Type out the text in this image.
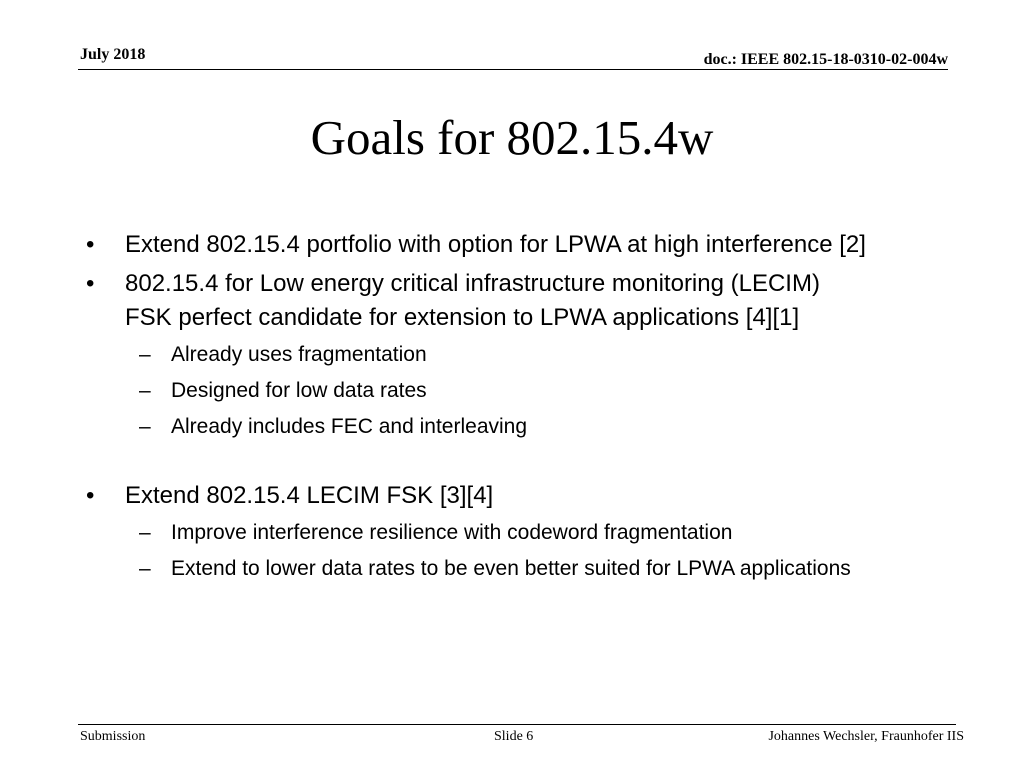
July 2018	doc.: IEEE 802.15-18-0310-02-004w
Goals for 802.15.4w
• Extend 802.15.4 portfolio with option for LPWA at high interference [2]
• 802.15.4 for Low energy critical infrastructure monitoring (LECIM) FSK perfect candidate for extension to LPWA applications [4][1]
– Already uses fragmentation
– Designed for low data rates
– Already includes FEC and interleaving
• Extend 802.15.4 LECIM FSK [3][4]
– Improve interference resilience with codeword fragmentation
– Extend to lower data rates to be even better suited for LPWA applications
Submission	Slide 6	Johannes Wechsler, Fraunhofer IIS
